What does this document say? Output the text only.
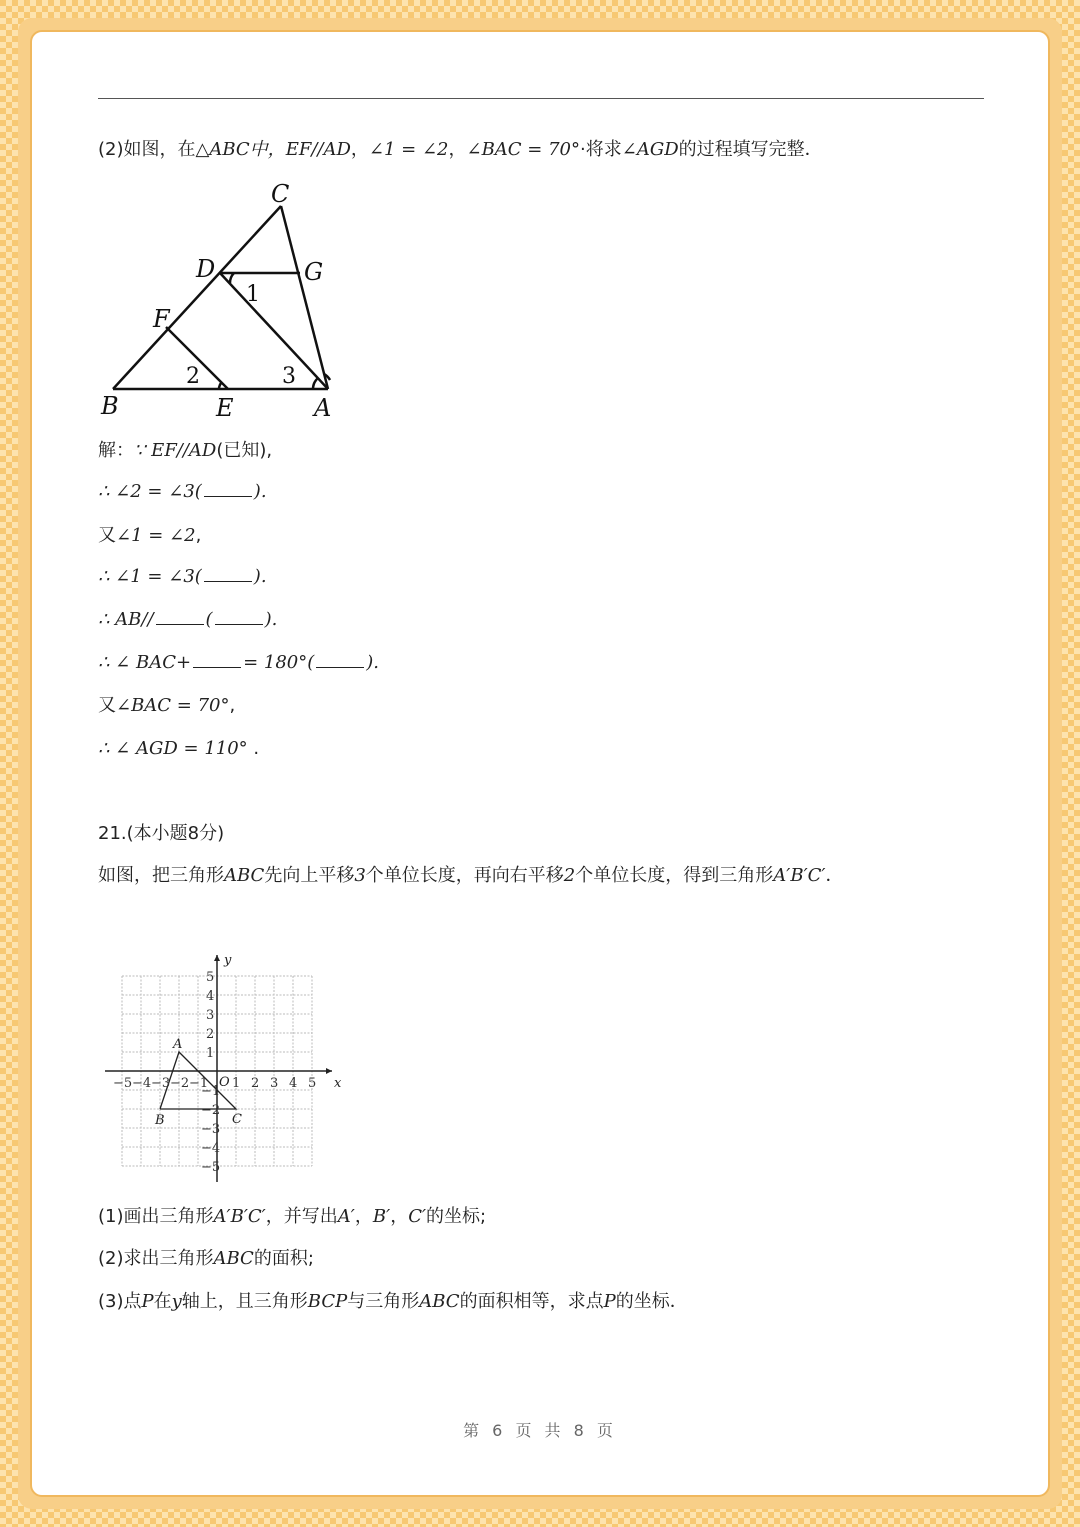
(2)如图，在△ABC中，EF//AD，∠1 = ∠2，∠BAC = 70°·将求∠AGD的过程填写完整．
C
D	G
F
B	E	A
1
2	3
解：∵ EF//AD(已知),
∴ ∠2 = ∠3(	).
又∠1 = ∠2,
∴ ∠1 = ∠3(	).
∴ AB//	(	).
∴ ∠ BAC+	= 180°(	).
又∠BAC = 70°,
∴ ∠ AGD = 110° .
21.(本小题8分)
如图，把三角形ABC先向上平移3个单位长度，再向右平移2个单位长度，得到三角形A′B′C′．
−5 −4 −3 −2 −1 1 2 3 4 5
5
4
3
2
1
−1
−2
−3
−4
−5
x
y
O
A
B	C
(1)画出三角形A′B′C′，并写出A′，B′，C′的坐标;
(2)求出三角形ABC的面积;
(3)点P在y轴上，且三角形BCP与三角形ABC的面积相等，求点P的坐标．
第 6 页 共 8 页
